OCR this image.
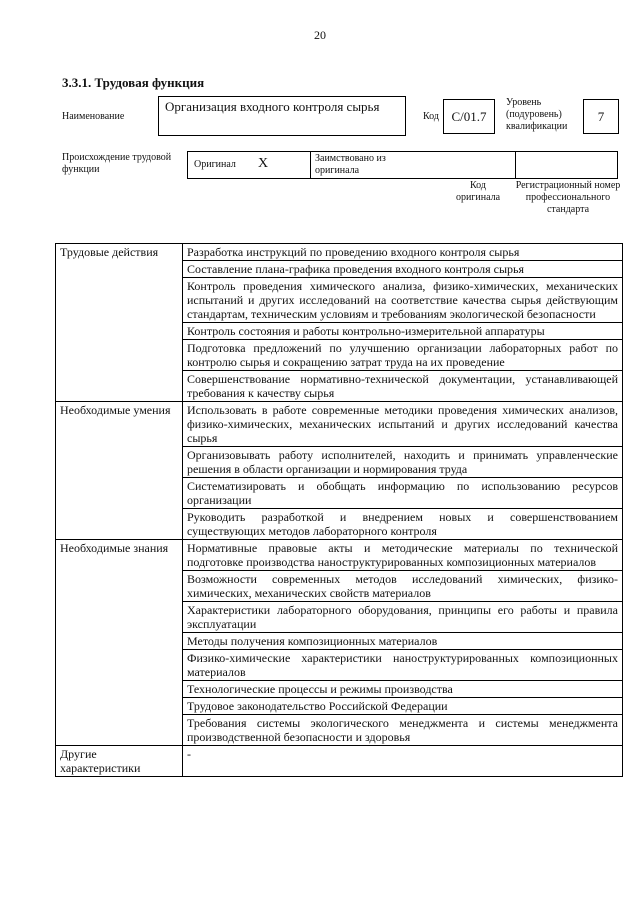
20
3.3.1. Трудовая функция
Наименование
Организация входного контроля сырья
Код С/01.7
Уровень (подуровень) квалификации
7
Происхождение трудовой функции	Оригинал X	Заимствовано из оригинала
Код оригинала
Регистрационный номер профессионального стандарта
Трудовые действия	Разработка инструкций по проведению входного контроля сырья
	Составление плана-графика проведения входного контроля сырья
	Контроль проведения химического анализа, физико-химических, механических испытаний и других исследований на соответствие качества сырья действующим стандартам, техническим условиям и требованиям экологической безопасности
	Контроль состояния и работы контрольно-измерительной аппаратуры
	Подготовка предложений по улучшению организации лабораторных работ по контролю сырья и сокращению затрат труда на их проведение
	Совершенствование нормативно-технической документации, устанавливающей требования к качеству сырья
Необходимые умения	Использовать в работе современные методики проведения химических анализов, физико-химических, механических испытаний и других исследований качества сырья
	Организовывать работу исполнителей, находить и принимать управленческие решения в области организации и нормирования труда
	Систематизировать и обобщать информацию по использованию ресурсов организации
	Руководить разработкой и внедрением новых и совершенствованием существующих методов лабораторного контроля
Необходимые знания	Нормативные правовые акты и методические материалы по технической подготовке производства наноструктурированных композиционных материалов
	Возможности современных методов исследований химических, физико-химических, механических свойств материалов
	Характеристики лабораторного оборудования, принципы его работы и правила эксплуатации
	Методы получения композиционных материалов
	Физико-химические характеристики наноструктурированных композиционных материалов
	Технологические процессы и режимы производства
	Трудовое законодательство Российской Федерации
	Требования системы экологического менеджмента и системы менеджмента производственной безопасности и здоровья
Другие характеристики	-
